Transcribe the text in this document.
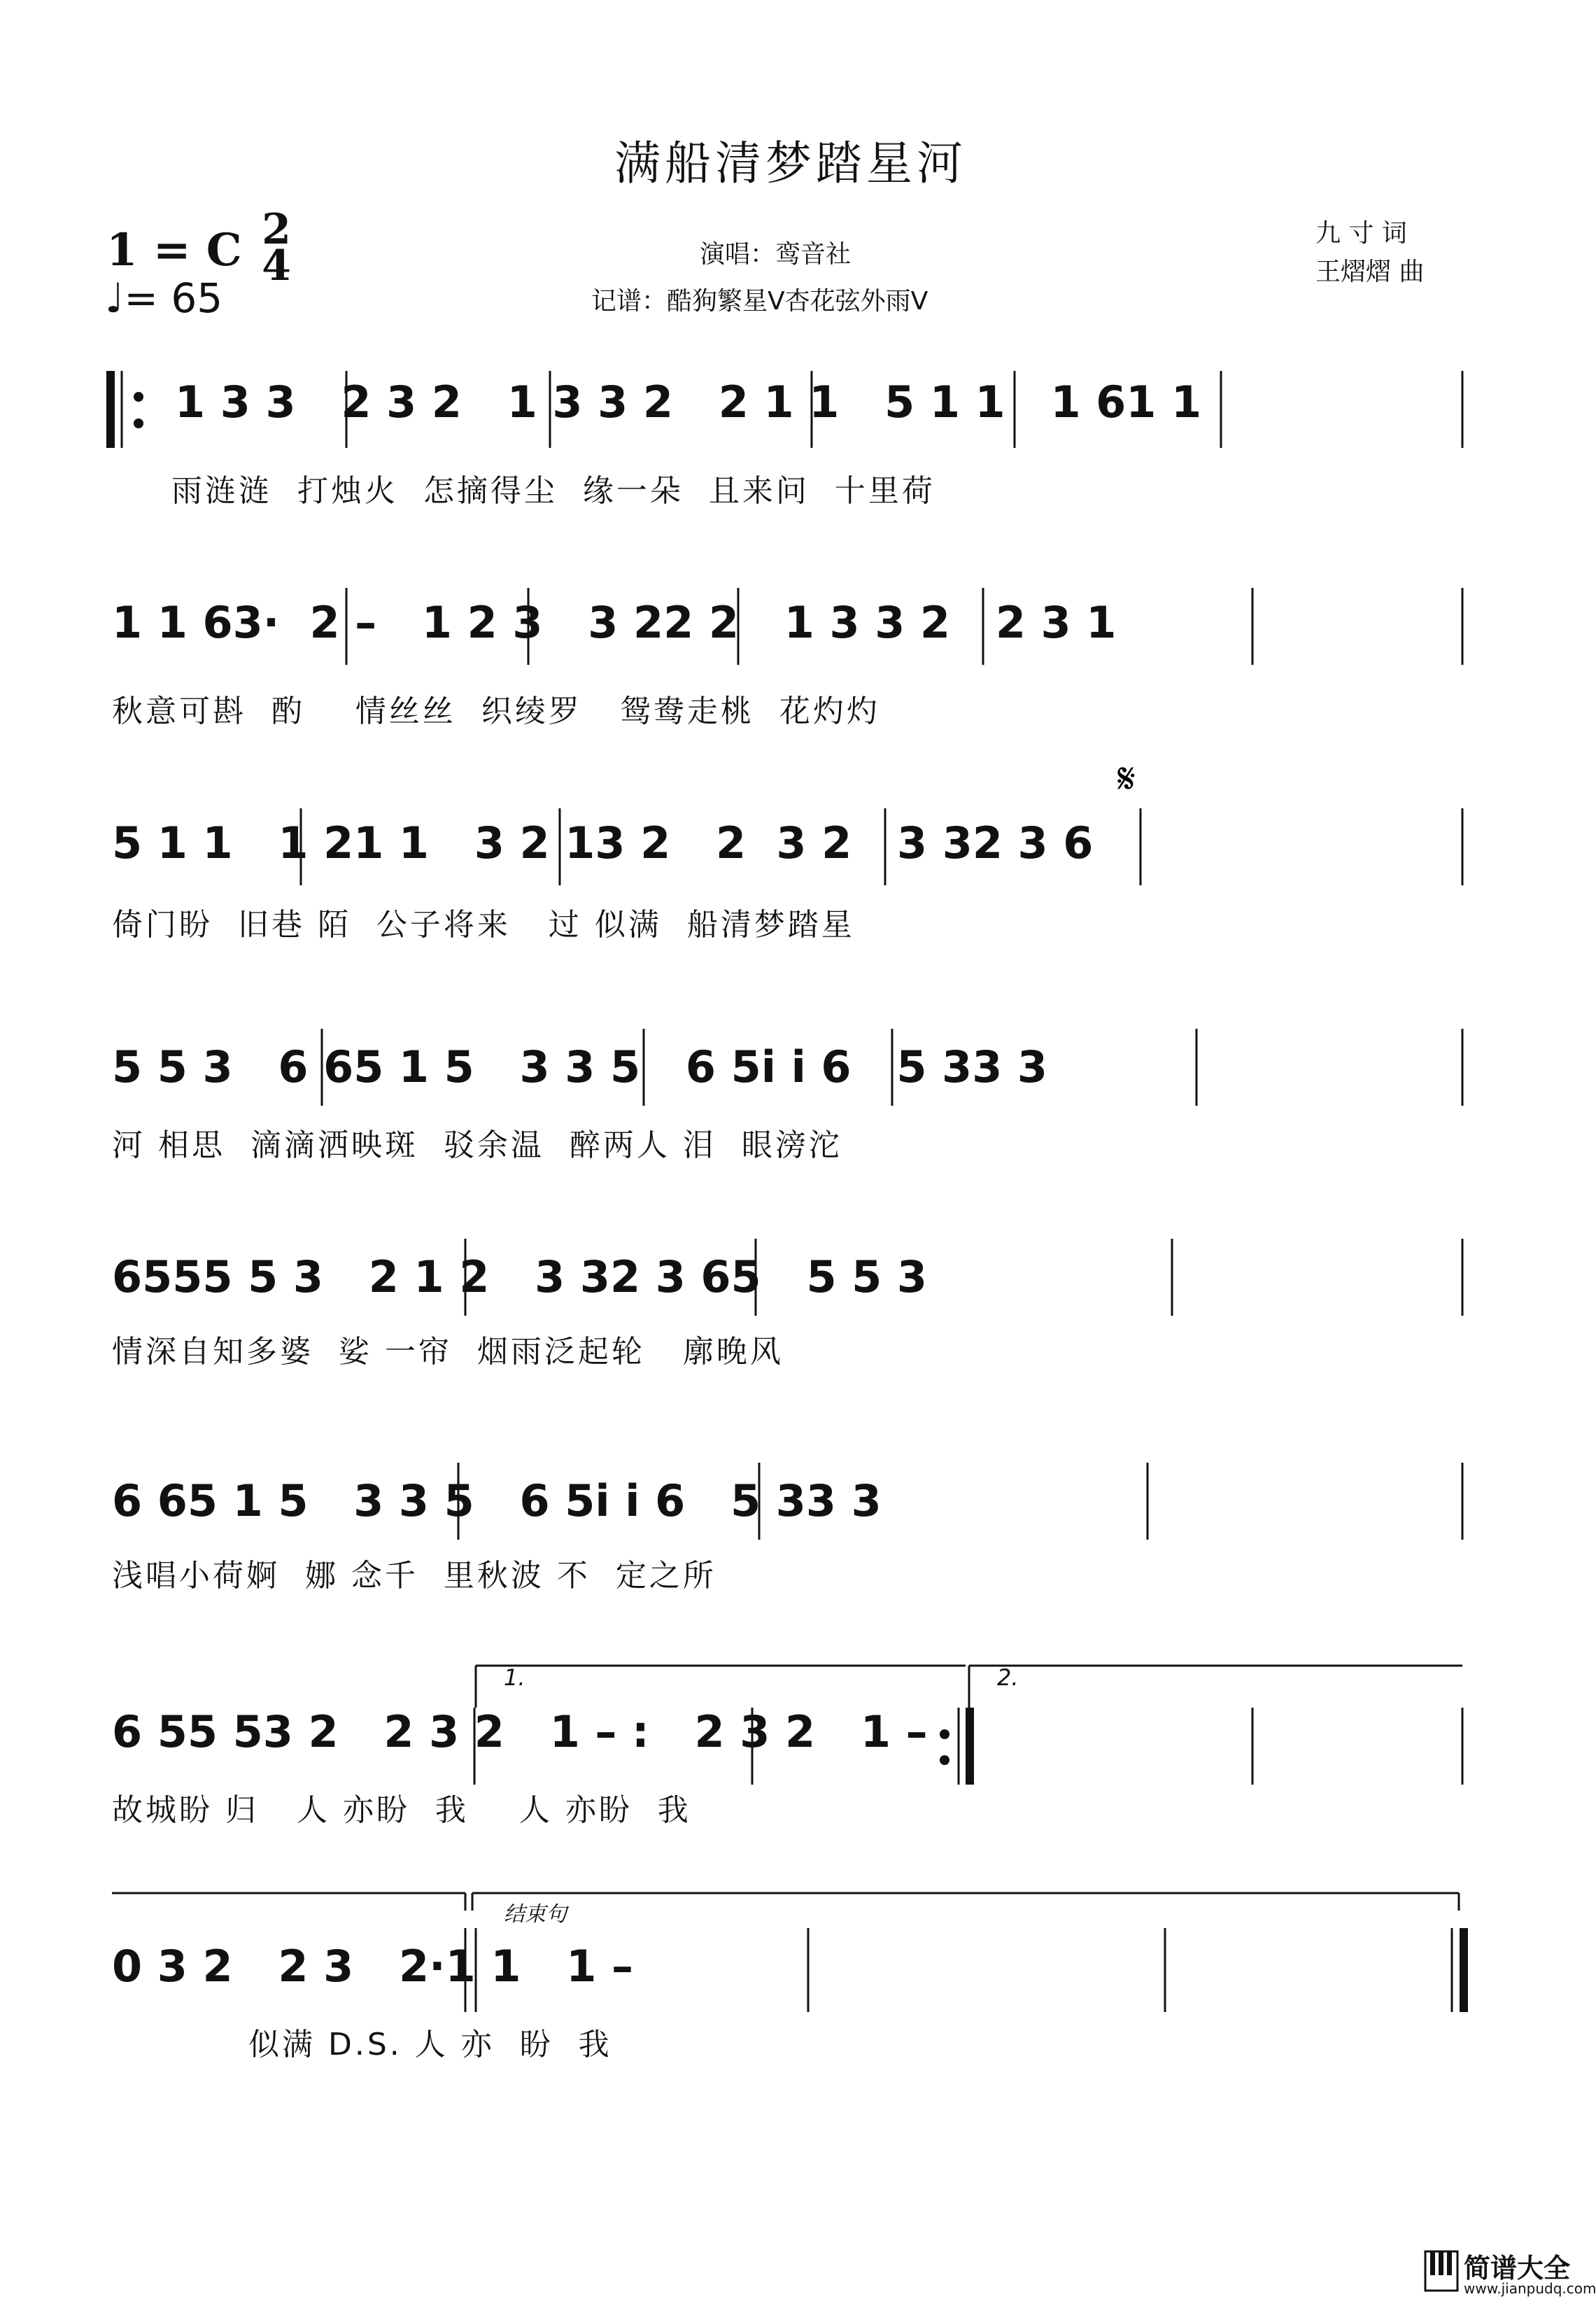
满船清梦踏星河
1 = C 2
4
♩= 65
演唱：鸾音社
记谱：酷狗繁星V杏花弦外雨V
九 寸 词
王熠熠 曲
𝄋
1 3 3   2 3 2   1 3 3 2   2 1 1   5 1 1   1 61 1
雨涟涟  打烛火  怎摘得尘  缘一朵  且来问  十里荷
1 1 63·  2 –   1 2 3   3 22 2   1 3 3 2   2 3 1
秋意可斟  酌    情丝丝  织绫罗   鸳鸯走桃  花灼灼
5 1 1   1 21 1   3 2 13 2   2  3 2   3 32 3 6
倚门盼  旧巷 陌  公子将来   过 似满  船清梦踏星
5 5 3   6 65 1 5   3 3 5   6 5i i 6   5 33 3
河 相思  滴滴洒映斑  驳余温  醉两人 泪  眼滂沱
6555 5 3   2 1 2   3 32 3 65   5 5 3
情深自知多婆  娑 一帘  烟雨泛起轮   廓晚风
6 65 1 5   3 3 5   6 5i i 6   5 33 3
浅唱小荷婀  娜 念千  里秋波 不  定之所
1.	2.
6 55 53 2   2 3 2   1 – :   2 3 2   1 –
故城盼 归   人 亦盼  我    人 亦盼  我
结束句
0 3 2   2 3   2·1 1   1 –
似满 D.S. 人 亦  盼  我
简谱大全
www.jianpudq.com
